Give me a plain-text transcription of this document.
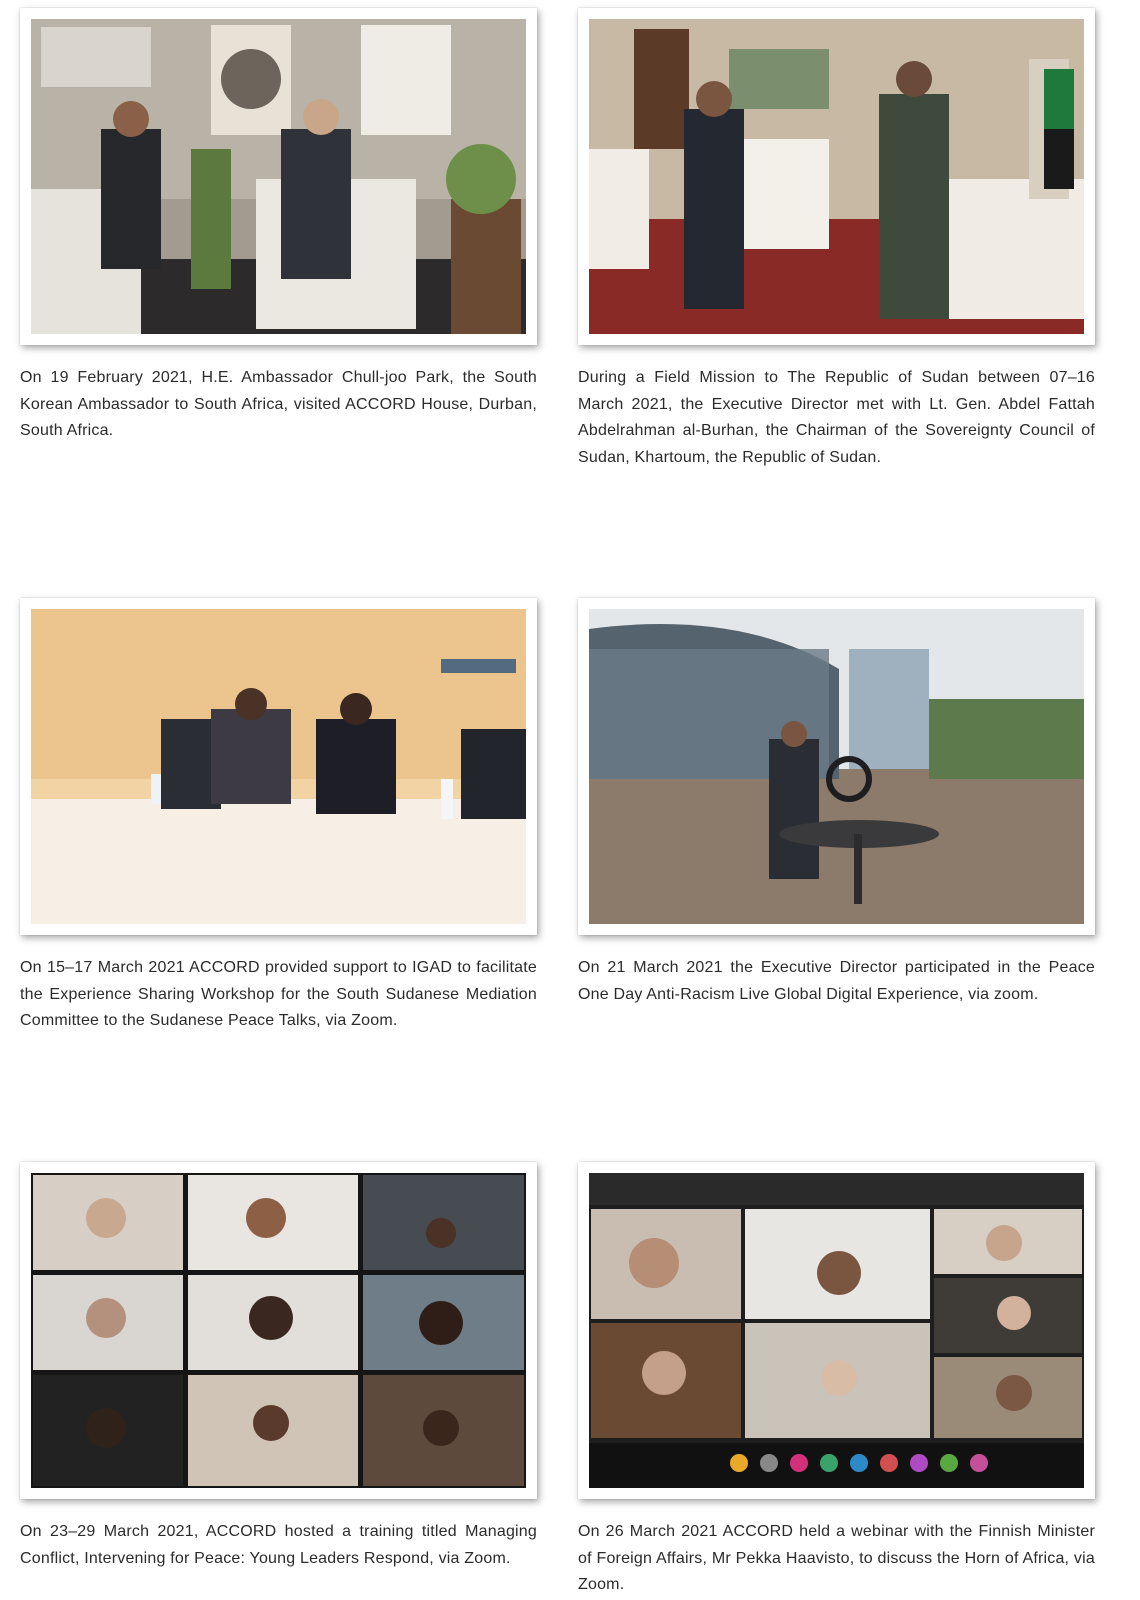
On 19 February 2021, H.E. Ambassador Chull-joo Park, the South Korean Ambassador to South Africa, visited ACCORD House, Durban, South Africa.

During a Field Mission to The Republic of Sudan between 07–16 March 2021, the Executive Director met with Lt. Gen. Abdel Fattah Abdelrahman al-Burhan, the Chairman of the Sovereignty Council of Sudan, Khartoum, the Republic of Sudan.

On 15–17 March 2021 ACCORD provided support to IGAD to facilitate the Experience Sharing Workshop for the South Sudanese Mediation Committee to the Sudanese Peace Talks, via Zoom.

On 21 March 2021 the Executive Director participated in the Peace One Day Anti-Racism Live Global Digital Experience, via zoom.

On 23–29 March 2021, ACCORD hosted a training titled Managing Conflict, Intervening for Peace: Young Leaders Respond, via Zoom.

On 26 March 2021 ACCORD held a webinar with the Finnish Minister of Foreign Affairs, Mr Pekka Haavisto, to discuss the Horn of Africa, via Zoom.
